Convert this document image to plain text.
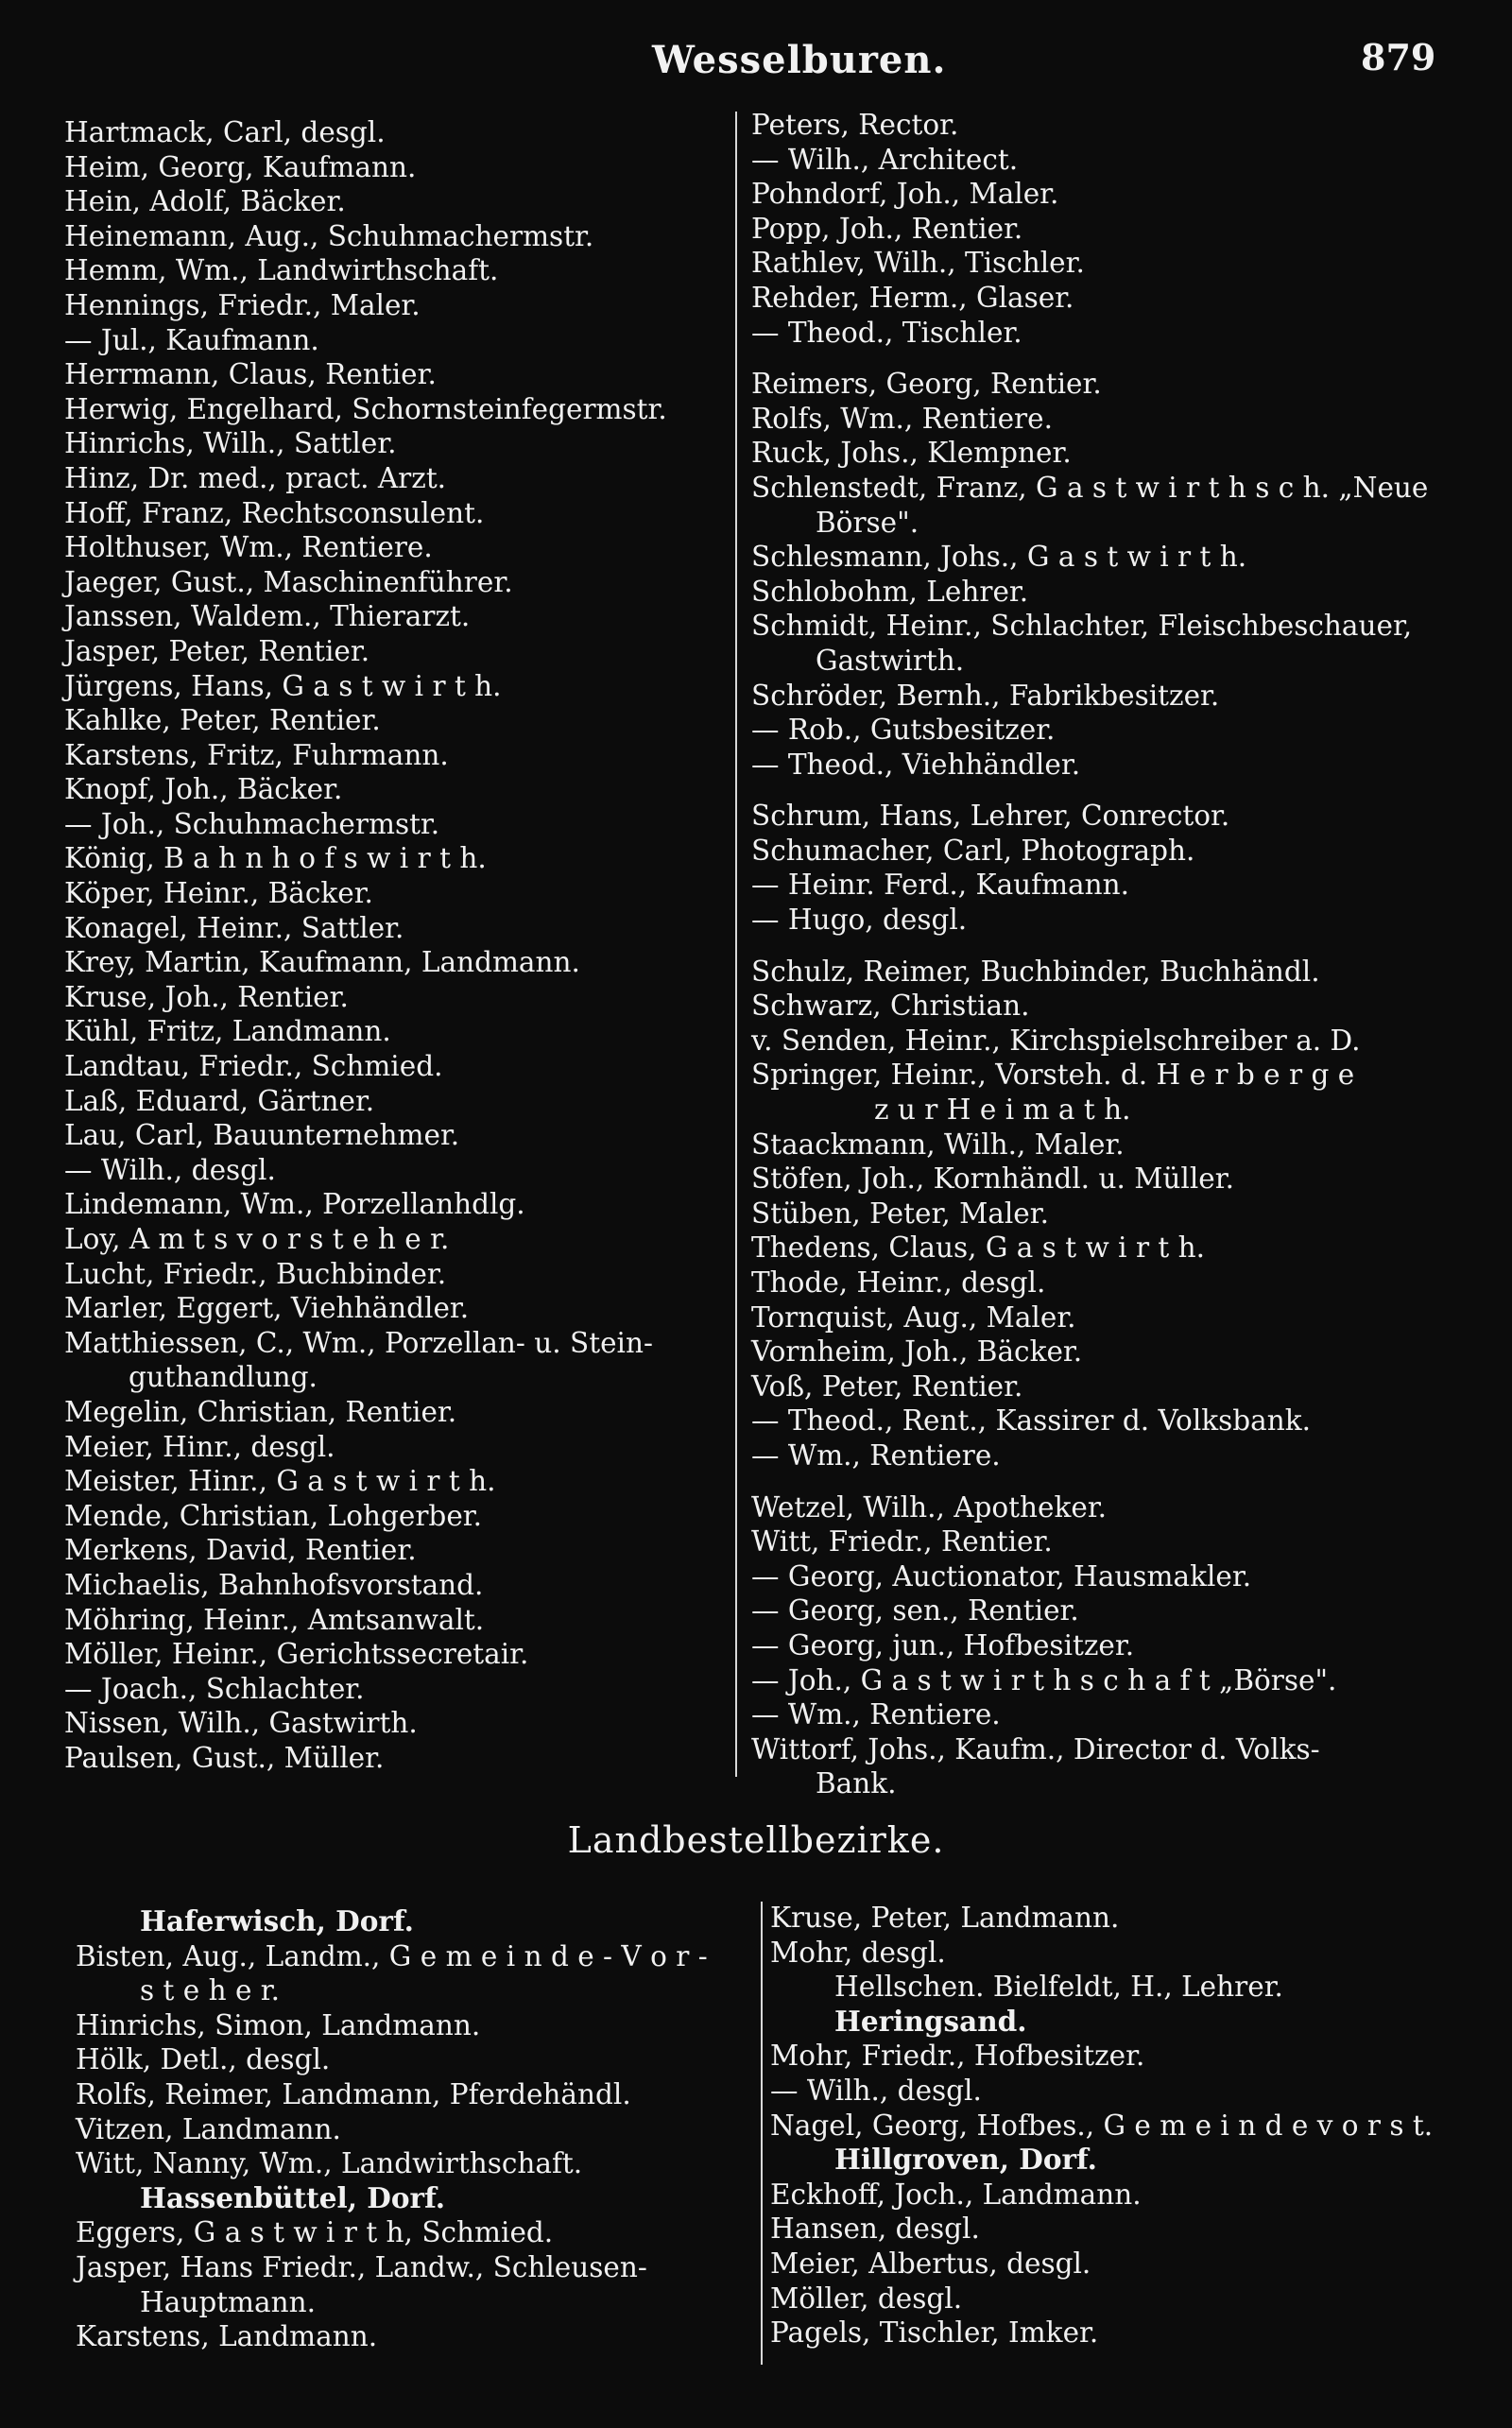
Wesselburen.	879
Hartmack, Carl, desgl.
Heim, Georg, Kaufmann.
Hein, Adolf, Bäcker.
Heinemann, Aug., Schuhmachermstr.
Hemm, Wm., Landwirthschaft.
Hennings, Friedr., Maler.
— Jul., Kaufmann.
Herrmann, Claus, Rentier.
Herwig, Engelhard, Schornsteinfegermstr.
Hinrichs, Wilh., Sattler.
Hinz, Dr. med., pract. Arzt.
Hoff, Franz, Rechtsconsulent.
Holthuser, Wm., Rentiere.
Jaeger, Gust., Maschinenführer.
Janssen, Waldem., Thierarzt.
Jasper, Peter, Rentier.
Jürgens, Hans, G a s t w i r t h.
Kahlke, Peter, Rentier.
Karstens, Fritz, Fuhrmann.
Knopf, Joh., Bäcker.
— Joh., Schuhmachermstr.
König, B a h n h o f s w i r t h.
Köper, Heinr., Bäcker.
Konagel, Heinr., Sattler.
Krey, Martin, Kaufmann, Landmann.
Kruse, Joh., Rentier.
Kühl, Fritz, Landmann.
Landtau, Friedr., Schmied.
Laß, Eduard, Gärtner.
Lau, Carl, Bauunternehmer.
— Wilh., desgl.
Lindemann, Wm., Porzellanhdlg.
Loy, A m t s v o r s t e h e r.
Lucht, Friedr., Buchbinder.
Marler, Eggert, Viehhändler.
Matthiessen, C., Wm., Porzellan- u. Stein-
guthandlung.
Megelin, Christian, Rentier.
Meier, Hinr., desgl.
Meister, Hinr., G a s t w i r t h.
Mende, Christian, Lohgerber.
Merkens, David, Rentier.
Michaelis, Bahnhofsvorstand.
Möhring, Heinr., Amtsanwalt.
Möller, Heinr., Gerichtssecretair.
— Joach., Schlachter.
Nissen, Wilh., Gastwirth.
Paulsen, Gust., Müller.
Peters, Rector.
— Wilh., Architect.
Pohndorf, Joh., Maler.
Popp, Joh., Rentier.
Rathlev, Wilh., Tischler.
Rehder, Herm., Glaser.
— Theod., Tischler.
Reimers, Georg, Rentier.
Rolfs, Wm., Rentiere.
Ruck, Johs., Klempner.
Schlenstedt, Franz, G a s t w i r t h s c h. „Neue
Börse".
Schlesmann, Johs., G a s t w i r t h.
Schlobohm, Lehrer.
Schmidt, Heinr., Schlachter, Fleischbeschauer,
Gastwirth.
Schröder, Bernh., Fabrikbesitzer.
— Rob., Gutsbesitzer.
— Theod., Viehhändler.
Schrum, Hans, Lehrer, Conrector.
Schumacher, Carl, Photograph.
— Heinr. Ferd., Kaufmann.
— Hugo, desgl.
Schulz, Reimer, Buchbinder, Buchhändl.
Schwarz, Christian.
v. Senden, Heinr., Kirchspielschreiber a. D.
Springer, Heinr., Vorsteh. d. H e r b e r g e
z u r H e i m a t h.
Staackmann, Wilh., Maler.
Stöfen, Joh., Kornhändl. u. Müller.
Stüben, Peter, Maler.
Thedens, Claus, G a s t w i r t h.
Thode, Heinr., desgl.
Tornquist, Aug., Maler.
Vornheim, Joh., Bäcker.
Voß, Peter, Rentier.
— Theod., Rent., Kassirer d. Volksbank.
— Wm., Rentiere.
Wetzel, Wilh., Apotheker.
Witt, Friedr., Rentier.
— Georg, Auctionator, Hausmakler.
— Georg, sen., Rentier.
— Georg, jun., Hofbesitzer.
— Joh., G a s t w i r t h s c h a f t „Börse".
— Wm., Rentiere.
Wittorf, Johs., Kaufm., Director d. Volks-
Bank.
Landbestellbezirke.
Haferwisch, Dorf.
Bisten, Aug., Landm., G e m e i n d e - V o r -
s t e h e r.
Hinrichs, Simon, Landmann.
Hölk, Detl., desgl.
Rolfs, Reimer, Landmann, Pferdehändl.
Vitzen, Landmann.
Witt, Nanny, Wm., Landwirthschaft.
Hassenbüttel, Dorf.
Eggers, G a s t w i r t h, Schmied.
Jasper, Hans Friedr., Landw., Schleusen-
Hauptmann.
Karstens, Landmann.
Kruse, Peter, Landmann.
Mohr, desgl.
Hellschen. Bielfeldt, H., Lehrer.
Heringsand.
Mohr, Friedr., Hofbesitzer.
— Wilh., desgl.
Nagel, Georg, Hofbes., G e m e i n d e v o r s t.
Hillgroven, Dorf.
Eckhoff, Joch., Landmann.
Hansen, desgl.
Meier, Albertus, desgl.
Möller, desgl.
Pagels, Tischler, Imker.
